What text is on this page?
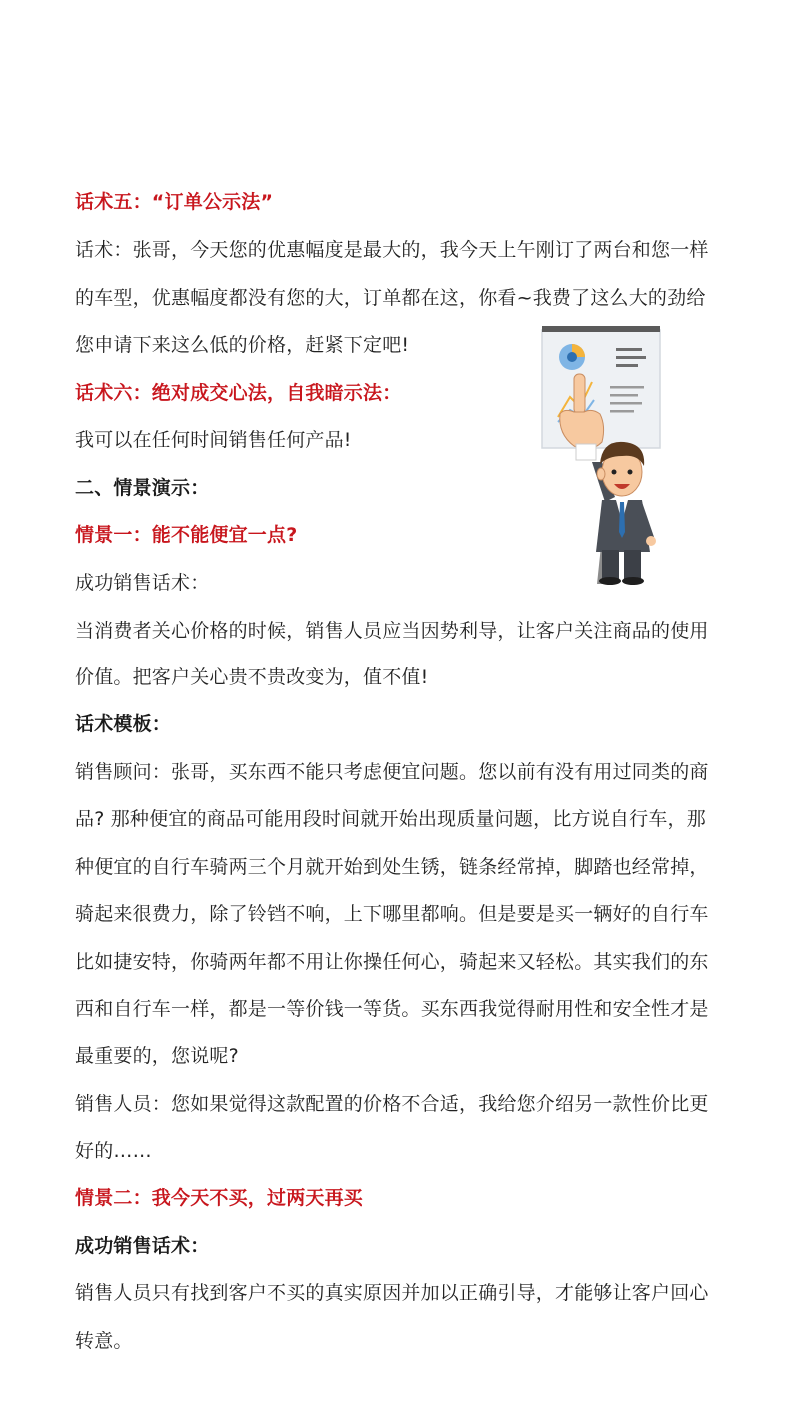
话术五：“订单公示法”
话术：张哥，今天您的优惠幅度是最大的，我今天上午刚订了两台和您一样
的车型，优惠幅度都没有您的大，订单都在这，你看~我费了这么大的劲给
您申请下来这么低的价格，赶紧下定吧!
话术六：绝对成交心法，自我暗示法：
我可以在任何时间销售任何产品!
二、情景演示：
情景一：能不能便宜一点?
成功销售话术：
当消费者关心价格的时候，销售人员应当因势利导，让客户关注商品的使用
价值。把客户关心贵不贵改变为，值不值!
话术模板：
销售顾问：张哥，买东西不能只考虑便宜问题。您以前有没有用过同类的商
品? 那种便宜的商品可能用段时间就开始出现质量问题，比方说自行车，那
种便宜的自行车骑两三个月就开始到处生锈，链条经常掉，脚踏也经常掉，
骑起来很费力，除了铃铛不响，上下哪里都响。但是要是买一辆好的自行车
比如捷安特，你骑两年都不用让你操任何心，骑起来又轻松。其实我们的东
西和自行车一样，都是一等价钱一等货。买东西我觉得耐用性和安全性才是
最重要的，您说呢?
销售人员：您如果觉得这款配置的价格不合适，我给您介绍另一款性价比更
好的……
情景二：我今天不买，过两天再买
成功销售话术：
销售人员只有找到客户不买的真实原因并加以正确引导，才能够让客户回心
转意。
